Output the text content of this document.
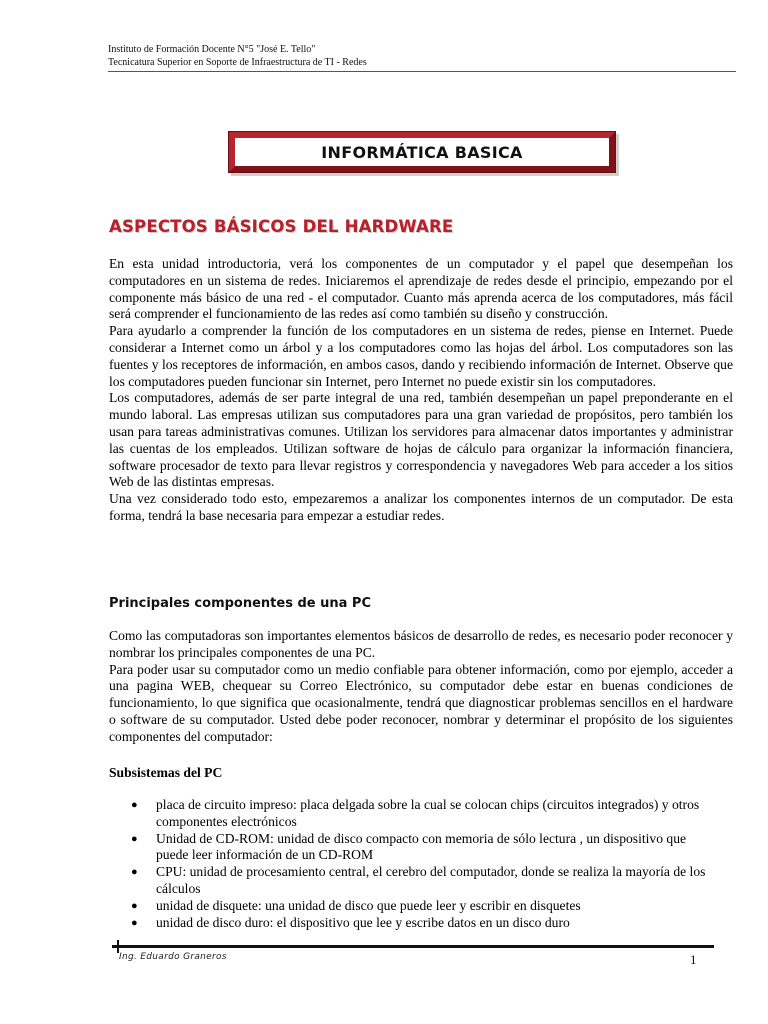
Instituto de Formación Docente N°5 "José E. Tello"
Tecnicatura Superior en Soporte de Infraestructura de TI - Redes
INFORMÁTICA BASICA
ASPECTOS BÁSICOS DEL HARDWARE

En esta unidad introductoria, verá los componentes de un computador y el papel que desempeñan los computadores en un sistema de redes. Iniciaremos el aprendizaje de redes desde el principio, empezando por el componente más básico de una red - el computador. Cuanto más aprenda acerca de los computadores, más fácil será comprender el funcionamiento de las redes así como también su diseño y construcción.

Para ayudarlo a comprender la función de los computadores en un sistema de redes, piense en Internet. Puede considerar a Internet como un árbol y a los computadores como las hojas del árbol. Los computadores son las fuentes y los receptores de información, en ambos casos, dando y recibiendo información de Internet. Observe que los computadores pueden funcionar sin Internet, pero Internet no puede existir sin los computadores.

Los computadores, además de ser parte integral de una red, también desempeñan un papel preponderante en el mundo laboral. Las empresas utilizan sus computadores para una gran variedad de propósitos, pero también los usan para tareas administrativas comunes. Utilizan los servidores para almacenar datos importantes y administrar las cuentas de los empleados. Utilizan software de hojas de cálculo para organizar la información financiera, software procesador de texto para llevar registros y correspondencia y navegadores Web para acceder a los sitios Web de las distintas empresas.

Una vez considerado todo esto, empezaremos a analizar los componentes internos de un computador. De esta forma, tendrá la base necesaria para empezar a estudiar redes.

Principales componentes de una PC

Como las computadoras son importantes elementos básicos de desarrollo de redes, es necesario poder reconocer y nombrar los principales componentes de una PC.

Para poder usar su computador como un medio confiable para obtener información, como por ejemplo, acceder a una pagina WEB, chequear su Correo Electrónico, su computador debe estar en buenas condiciones de funcionamiento, lo que significa que ocasionalmente, tendrá que diagnosticar problemas sencillos en el hardware o software de su computador. Usted debe poder reconocer, nombrar y determinar el propósito de los siguientes componentes del computador:

Subsistemas del PC
● placa de circuito impreso: placa delgada sobre la cual se colocan chips (circuitos integrados) y otros componentes electrónicos
● Unidad de CD-ROM: unidad de disco compacto con memoria de sólo lectura , un dispositivo que puede leer información de un CD-ROM
● CPU: unidad de procesamiento central, el cerebro del computador, donde se realiza la mayoría de los cálculos
● unidad de disquete: una unidad de disco que puede leer y escribir en disquetes
● unidad de disco duro: el dispositivo que lee y escribe datos en un disco duro
Ing. Eduardo Graneros	1
